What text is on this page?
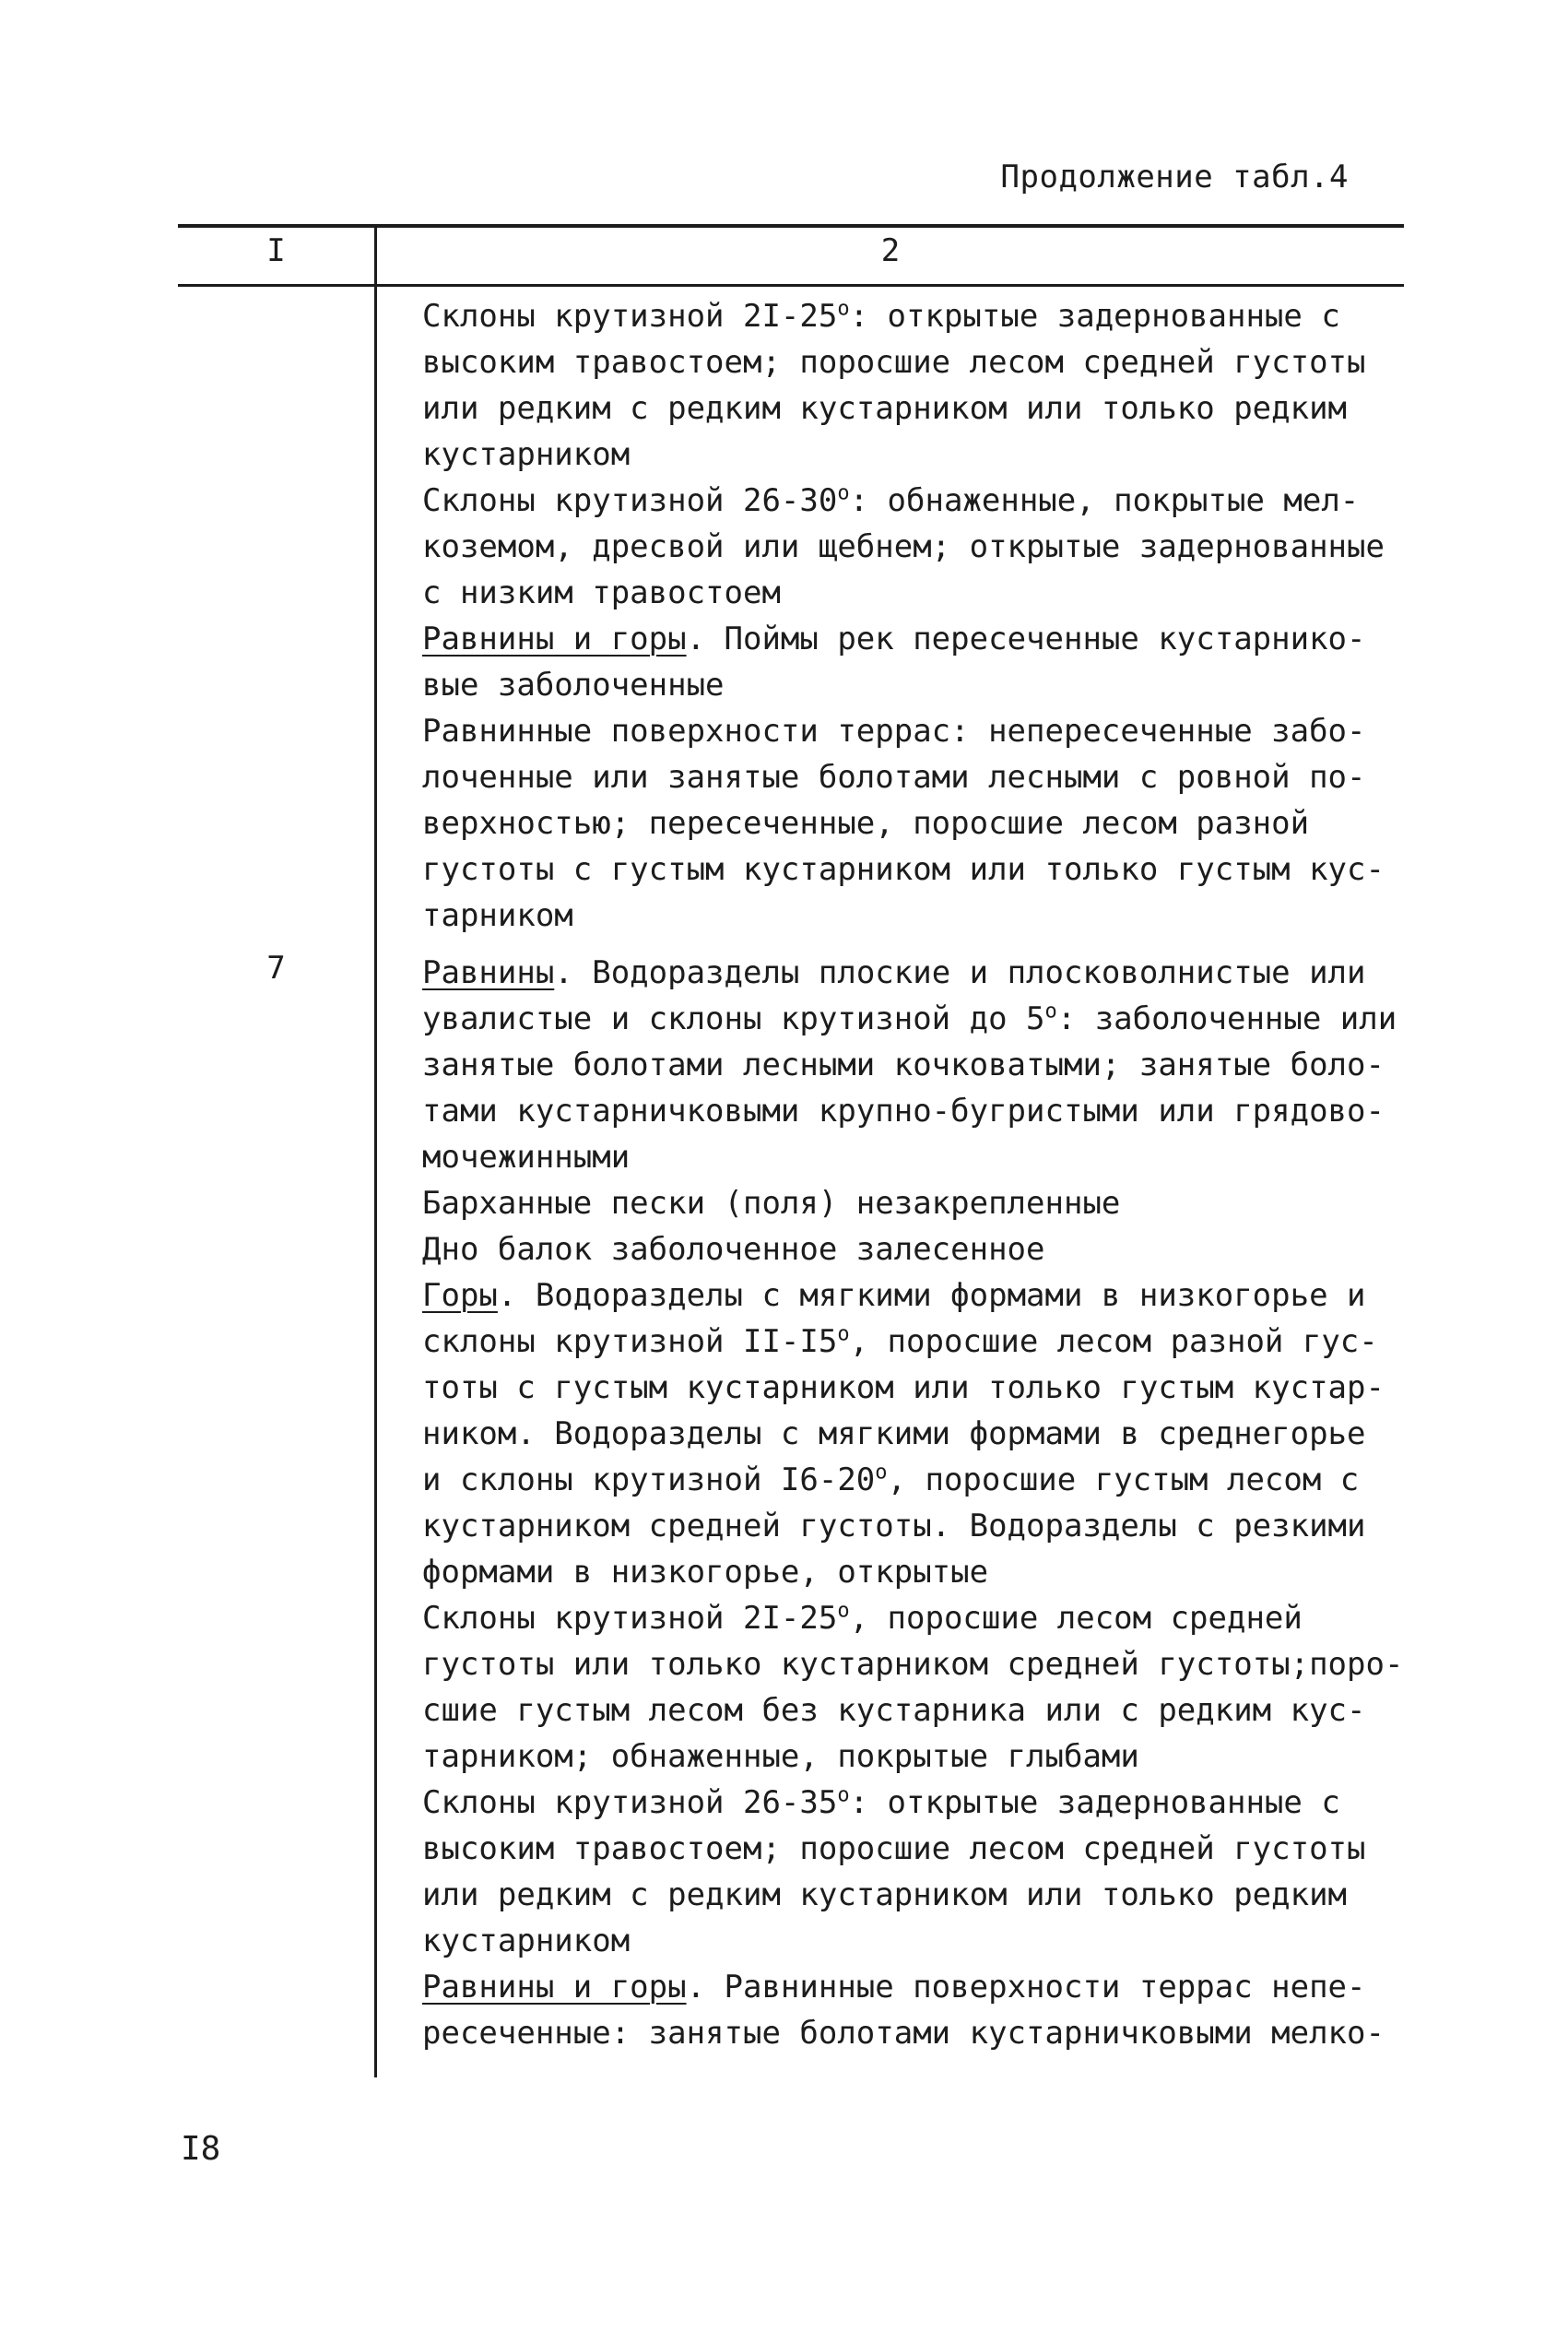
Продолжение табл.4
I	2
7
Склоны крутизной $2I-25^о$: открытые задернованные с
высоким травостоем; поросшие лесом средней густоты
или редким с редким кустарником или только редким
кустарником
Склоны крутизной $26-30^о$: обнаженные, покрытые мел-
коземом, дресвой или щебнем; открытые задернованные
с низким травостоем
Равнины и горы. Поймы рек пересеченные кустарнико-
вые заболоченные
Равнинные поверхности террас: непересеченные забо-
лоченные или занятые болотами лесными с ровной по-
верхностью; пересеченные, поросшие лесом разной
густоты с густым кустарником или только густым кус-
тарником
Равнины. Водоразделы плоские и плосковолнистые или
увалистые и склоны крутизной до $5^о$: заболоченные или
занятые болотами лесными кочковатыми; занятые боло-
тами кустарничковыми крупно-бугристыми или грядово-
мочежинными
Барханные пески (поля) незакрепленные
Дно балок заболоченное залесенное
Горы. Водоразделы с мягкими формами в низкогорье и
склоны крутизной $II-I5^о$, поросшие лесом разной гус-
тоты с густым кустарником или только густым кустар-
ником. Водоразделы с мягкими формами в среднегорье
и склоны крутизной $I6-20^о$, поросшие густым лесом с
кустарником средней густоты. Водоразделы с резкими
формами в низкогорье, открытые
Склоны крутизной $2I-25^о$, поросшие лесом средней
густоты или только кустарником средней густоты;поро-
сшие густым лесом без кустарника или с редким кус-
тарником; обнаженные, покрытые глыбами
Склоны крутизной $26-35^о$: открытые задернованные с
высоким травостоем; поросшие лесом средней густоты
или редким с редким кустарником или только редким
кустарником
Равнины и горы. Равнинные поверхности террас непе-
ресеченные: занятые болотами кустарничковыми мелко-
I8
